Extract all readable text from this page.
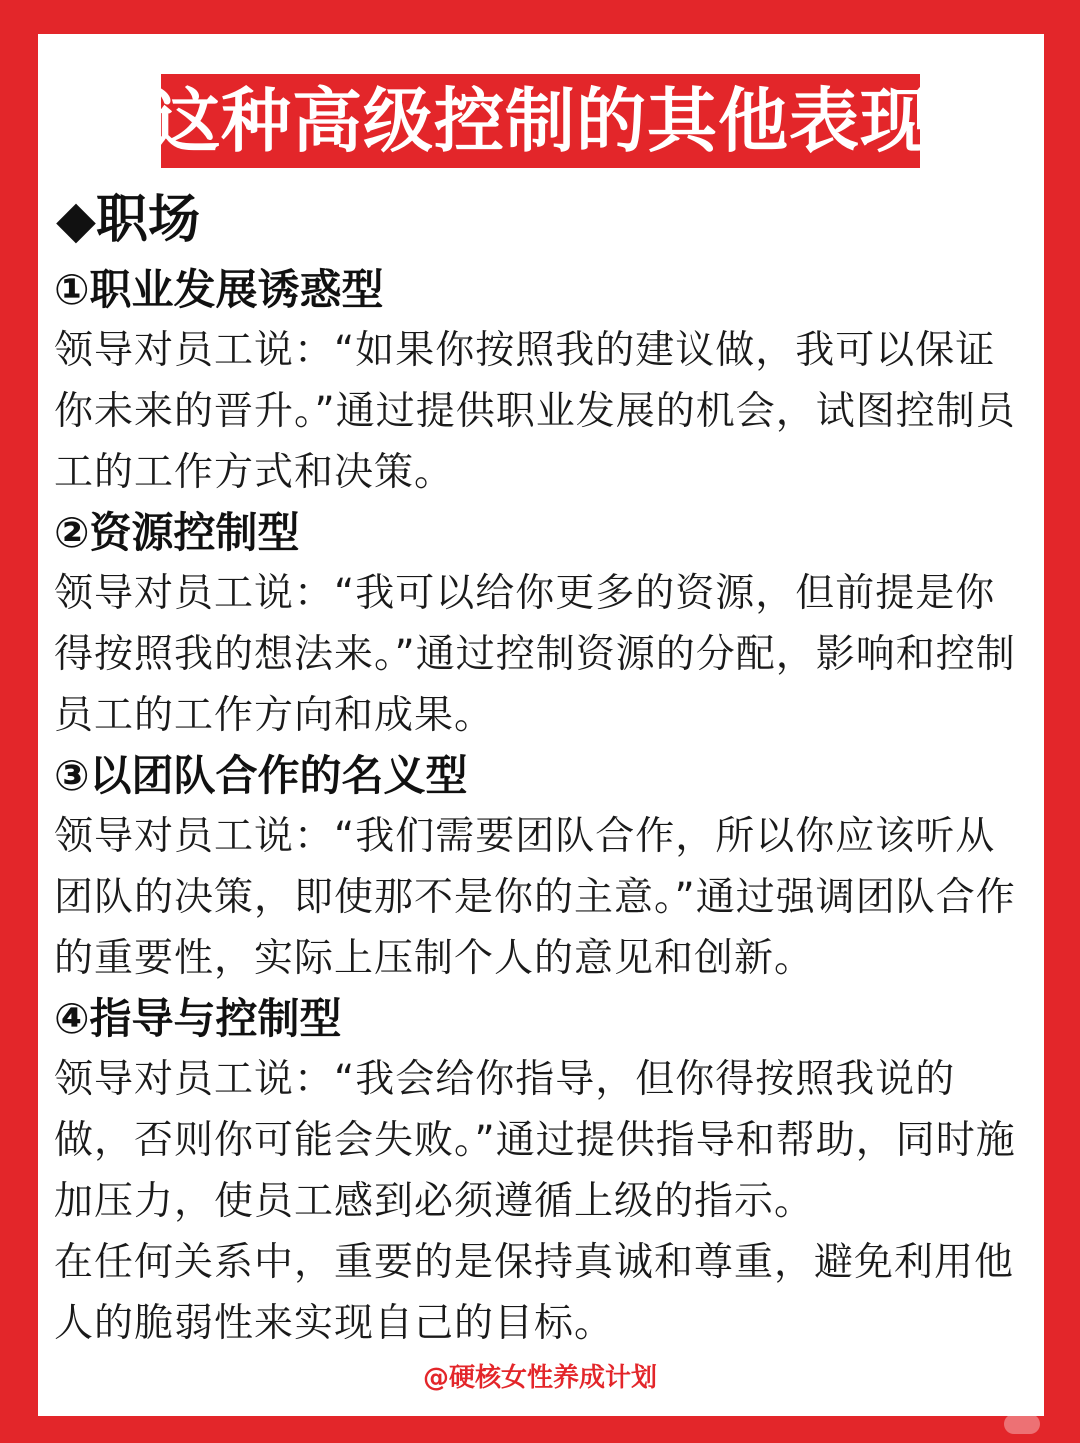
这种高级控制的其他表现
◆职场
①职业发展诱惑型
领导对员工说：“如果你按照我的建议做，我可以保证你未来的晋升。”通过提供职业发展的机会，试图控制员工的工作方式和决策。
②资源控制型
领导对员工说：“我可以给你更多的资源，但前提是你得按照我的想法来。”通过控制资源的分配，影响和控制员工的工作方向和成果。
③以团队合作的名义型
领导对员工说：“我们需要团队合作，所以你应该听从团队的决策，即使那不是你的主意。”通过强调团队合作的重要性，实际上压制个人的意见和创新。
④指导与控制型
领导对员工说：“我会给你指导，但你得按照我说的做，否则你可能会失败。”通过提供指导和帮助，同时施加压力，使员工感到必须遵循上级的指示。
在任何关系中，重要的是保持真诚和尊重，避免利用他人的脆弱性来实现自己的目标。
@硬核女性养成计划
